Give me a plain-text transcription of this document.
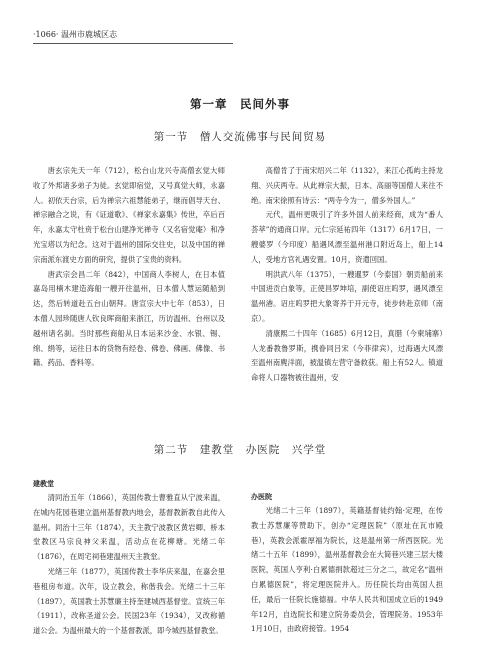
·1066· 温州市鹿城区志
第一章　民间外事
第一节　僧人交流佛事与民间贸易

唐玄宗先天一年（712），松台山龙兴寺高僧玄觉大师收了外邦诸多弟子为徒。玄觉即宿觉，又号真觉大师，永嘉人。初依天台宗，后为禅宗六祖慧能弟子，继而倡导天台、禅宗融合之说，有《证道歌》、《禅家永嘉集》传世，卒后百年，永嘉太守杜贲于松台山建净光禅寺（又名宿觉庵）和净光宝塔以为纪念。这对于温州的国际交往史，以及中国的禅宗南派东渡史方面的研究，提供了宝贵的资料。

唐武宗会昌二年（842），中国商人李树人，在日本值嘉岛用楠木建造海船一艘开往温州，日本僧人慧运随船到达，然后转道赴五台山朝拜。唐宣宗大中七年（853），日本僧人园珍随唐人钦良晖商船来浙江，历访温州、台州以及越州诸名刹。当时那些商船从日本运来沙金、水银、锡、绵、绢等，运往日本的货物有经卷、佛卷、佛画、佛像、书籍、药品、香料等。

高僧肯了于南宋绍兴二年（1132），来江心孤屿主持龙翔、兴庆两寺。从此禅宗大振，日本、高丽等国僧人来往不绝。南宋徐照有诗云：“两寺今为一，僧多外国人。”

元代，温州更吸引了许多外国人前来经商，成为“番人荟萃”的通商口岸。元仁宗延祐四年（1317）6月17日，一艘婆罗（今印度）船遇风漂至温州港口附近岛上，船上14人，受地方官礼遇安置。10月，资遣回国。

明洪武八年（1375），一艘暹罗（今泰国）朝贡船前来中国进贡白象等，正使昌罗坤培，副使诏庄呜罗，遇风漂至温州港。诏庄呜罗把大象寄养于开元寺，徒步转赴京师（南京）。

清康熙二十四年（1685）6月12日，真腊（今柬埔寨）人龙番教鲁罗斯，携眷同吕宋（今菲律宾），过海遇大风漂至温州南麂洋面，被温镇左营守备救获。船上有52人。镇道命将人口器物被往温州，安

第二节　建教堂　办医院　兴学堂

建教堂

清同治五年（1866），英国传教士曹雅直从宁波来温，在城内花园巷建立温州基督教内地会，基督教新教自此传入温州。同治十三年（1874），天主教宁波教区黄岩卿、桥本堂教区马宗良神父来温，活动点在花柳塘。光绪二年（1876），在周宅祠巷建温州天主教堂。

光绪三年（1877），英国传教士李华庆来温，在嘉会里巷租房布道。次年，设立教会，称偕我会。光绪二十三年（1897），英国教士苏慧廉主持奎建城西基督堂。宣统三年（1911），改称圣道公会。民国23年（1934），又改称循道公会。为温州最大的一个基督教派，即今城西基督教堂。

办医院

光绪二十三年（1897），英籍基督徒约翰·定理，在传教士苏慧廉等赞助下，创办“定理医院”（原址在瓦市殿巷），英教会派霍厚福为院长，这是温州第一所西医院。光绪二十五年（1899），温州基督教会在大简巷兴建三层大楼医院，英国人亨利·白累德捐款超过三分之二，故定名“温州白累德医院”，将定理医院并入。历任院长均由英国人担任，最后一任院长施德福。中华人民共和国成立后的1949年12月，自选院长和建立院务委员会，管理院务。1953年1月10日，由政府接管。1954
